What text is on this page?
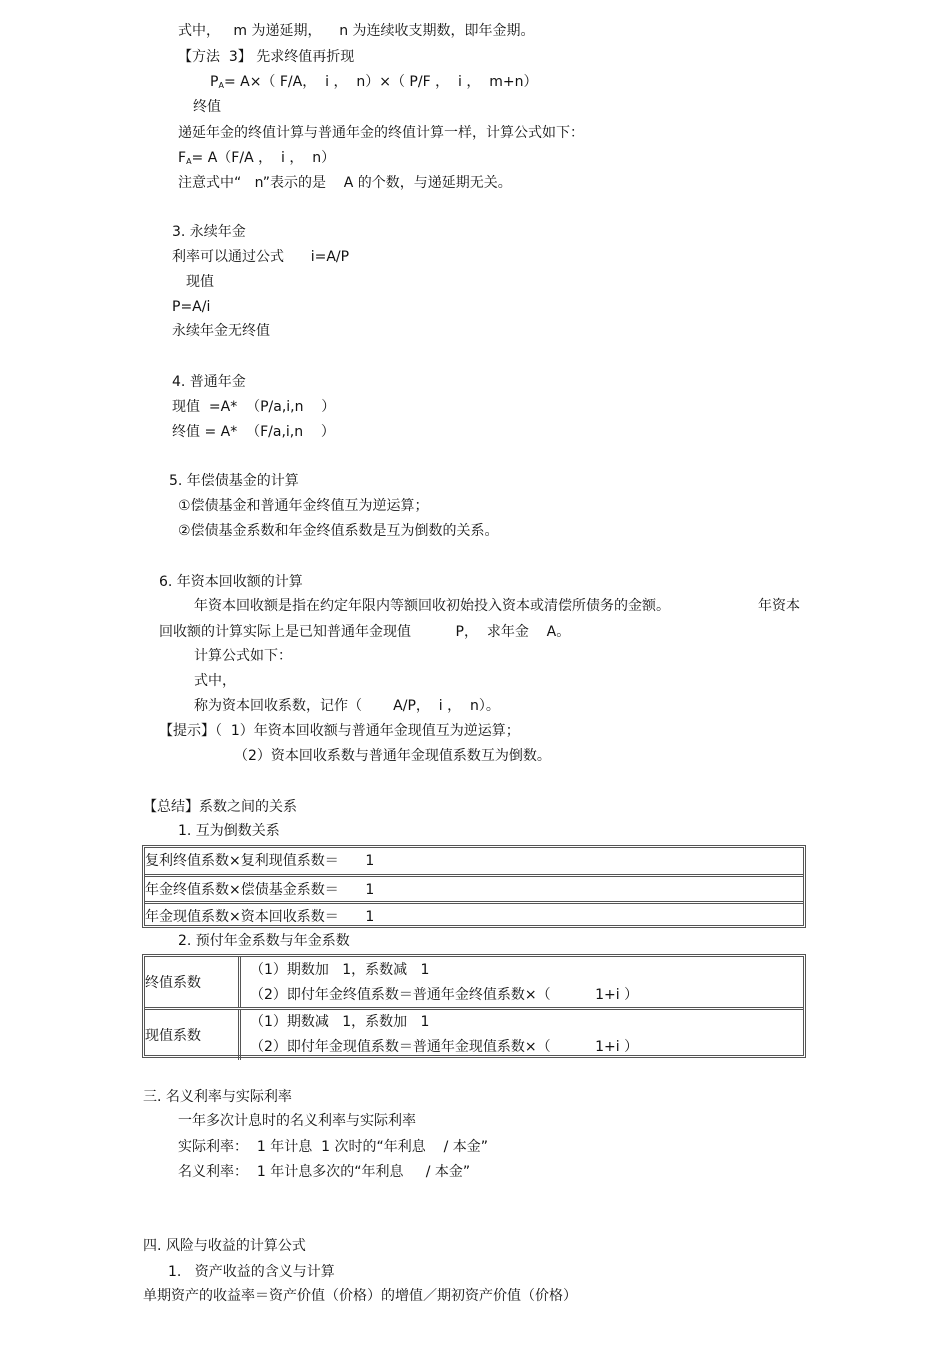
式中，   m 为递延期，    n 为连续收支期数，即年金期。
【方法  3】 先求终值再折现
$P_A= A\times$（ F/A，  i ，  n）×（ P/F ，  i ，  m+n）
终值
递延年金的终值计算与普通年金的终值计算一样，计算公式如下：
$F_A= A(F/A$ ，  i ，  n）
注意式中“   n”表示的是    A 的个数，与递延期无关。
3. 永续年金
利率可以通过公式      i=A/P
现值
P=A/i
永续年金无终值
4. 普通年金
现值  =A*  （P/a,i,n    ）
终值 = A*  （F/a,i,n    ）
5. 年偿债基金的计算
①偿债基金和普通年金终值互为逆运算；
②偿债基金系数和年金终值系数是互为倒数的关系。
6. 年资本回收额的计算
年资本回收额是指在约定年限内等额回收初始投入资本或清偿所债务的金额。	年资本
回收额的计算实际上是已知普通年金现值          P，  求年金    A。
计算公式如下：
式中，
称为资本回收系数，记作（       A/P，  i ，  n）。
【提示】（  1）年资本回收额与普通年金现值互为逆运算；
（2）资本回收系数与普通年金现值系数互为倒数。
【总结】系数之间的关系
1. 互为倒数关系
复利终值系数×复利现值系数＝      1
年金终值系数×偿债基金系数＝      1
年金现值系数×资本回收系数＝      1
2. 预付年金系数与年金系数
终值系数
（1）期数加   1，系数减   1
（2）即付年金终值系数＝普通年金终值系数×（          1+i ）
现值系数
（1）期数减   1，系数加   1
（2）即付年金现值系数＝普通年金现值系数×（          1+i ）
三. 名义利率与实际利率
一年多次计息时的名义利率与实际利率
实际利率：  1 年计息  1 次时的“年利息    / 本金”
名义利率：  1 年计息多次的“年利息     / 本金”
四. 风险与收益的计算公式
1.   资产收益的含义与计算
单期资产的收益率＝资产价值（价格）的增值／期初资产价值（价格）
